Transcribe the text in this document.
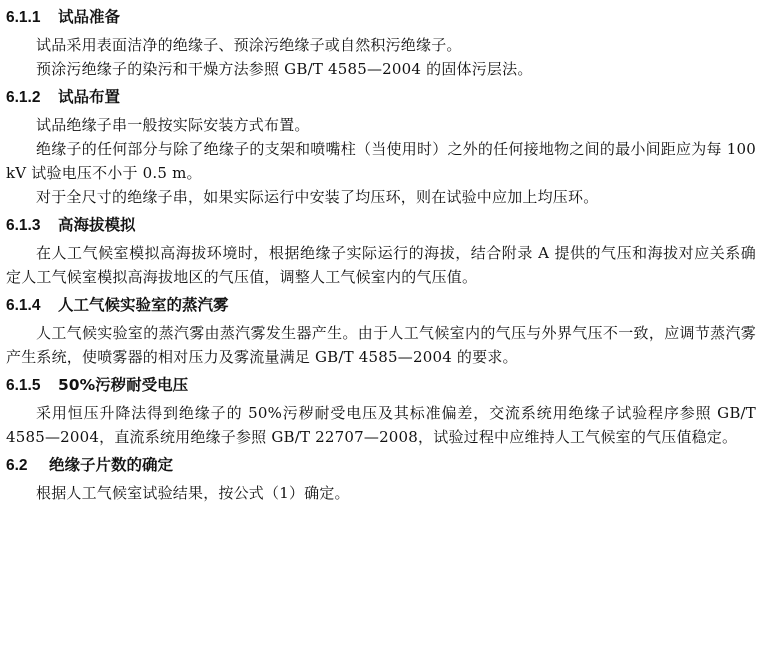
6.1.1	试品准备

试品采用表面洁净的绝缘子、预涂污绝缘子或自然积污绝缘子。

预涂污绝缘子的染污和干燥方法参照 GB/T 4585—2004 的固体污层法。

6.1.2	试品布置

试品绝缘子串一般按实际安装方式布置。

绝缘子的任何部分与除了绝缘子的支架和喷嘴柱（当使用时）之外的任何接地物之间的最小间距应为每 100 kV 试验电压不小于 0.5 m。

对于全尺寸的绝缘子串，如果实际运行中安装了均压环，则在试验中应加上均压环。

6.1.3	高海拔模拟

在人工气候室模拟高海拔环境时，根据绝缘子实际运行的海拔，结合附录 A 提供的气压和海拔对应关系确定人工气候室模拟高海拔地区的气压值，调整人工气候室内的气压值。

6.1.4	人工气候实验室的蒸汽雾

人工气候实验室的蒸汽雾由蒸汽雾发生器产生。由于人工气候室内的气压与外界气压不一致，应调节蒸汽雾产生系统，使喷雾器的相对压力及雾流量满足 GB/T 4585—2004 的要求。

6.1.5	50%污秽耐受电压

采用恒压升降法得到绝缘子的 50%污秽耐受电压及其标准偏差，交流系统用绝缘子试验程序参照 GB/T 4585—2004，直流系统用绝缘子参照 GB/T 22707—2008，试验过程中应维持人工气候室的气压值稳定。

6.2	绝缘子片数的确定

根据人工气候室试验结果，按公式（1）确定。
